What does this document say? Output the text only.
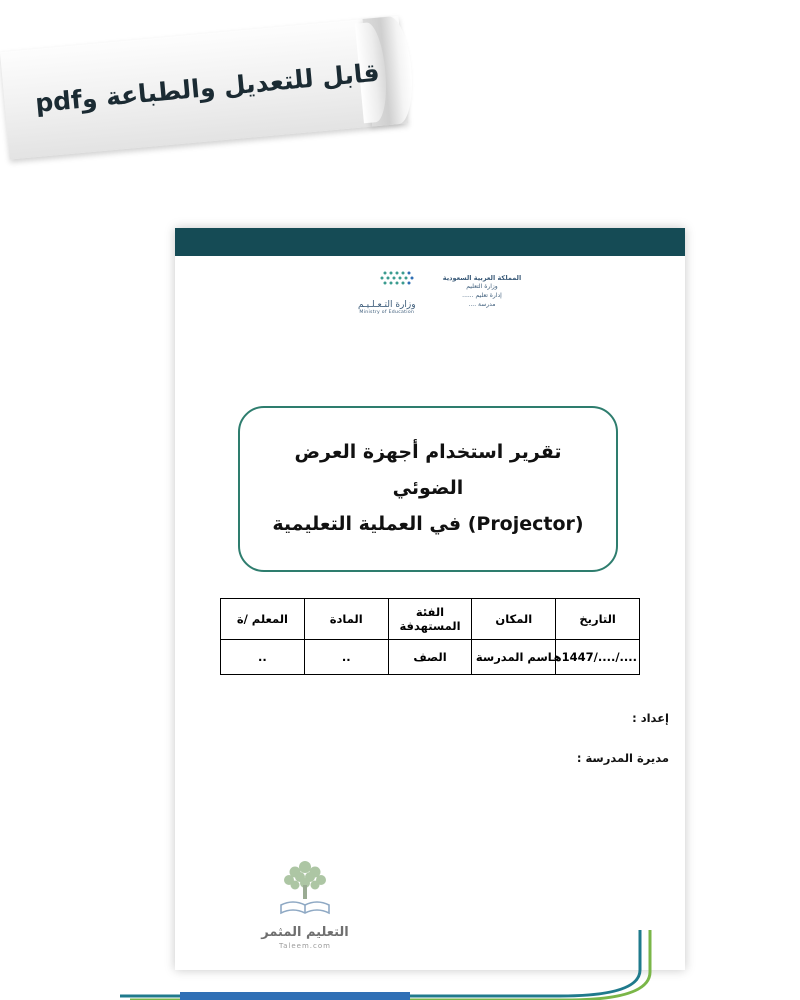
قابل للتعديل والطباعة وpdf
المملكة العربية السعودية
وزارة التعليم
إدارة تعليم ......
مدرسة ....
وزارة التـعـلـيـم
Ministry of Education
تقرير استخدام أجهزة العرض الضوئي
(Projector) في العملية التعليمية
التاريخ	المكان	الفئة المستهدفة	المادة	المعلم /ة
..../..../1447هـ	اسم المدرسة	الصف	..	..
إعداد :
مديرة المدرسة :
التعليم المثمر
Taleem.com
